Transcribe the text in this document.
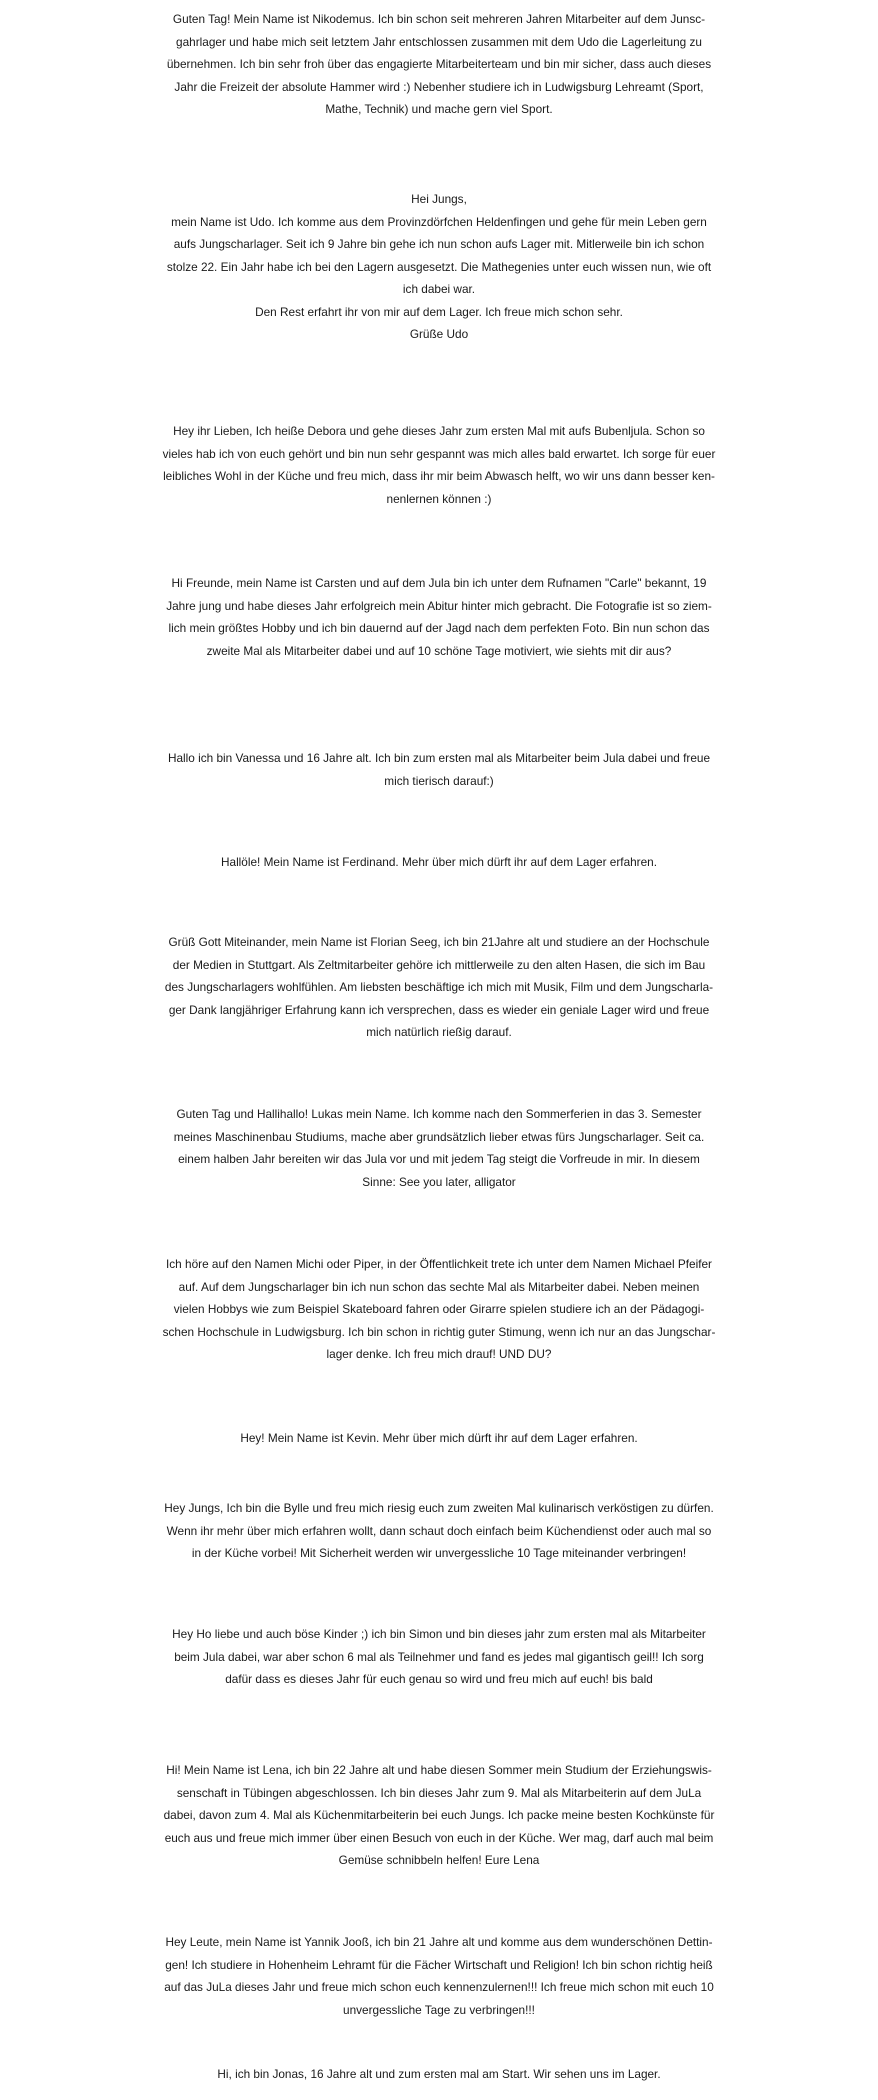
Guten Tag! Mein Name ist Nikodemus. Ich bin schon seit mehreren Jahren Mitarbeiter auf dem Junsc-
gahrlager und habe mich seit letztem Jahr entschlossen zusammen mit dem Udo die Lagerleitung zu
übernehmen. Ich bin sehr froh über das engagierte Mitarbeiterteam und bin mir sicher, dass auch dieses
Jahr die Freizeit der absolute Hammer wird :) Nebenher studiere ich in Ludwigsburg Lehreamt (Sport,
Mathe, Technik) und mache gern viel Sport.
Hei Jungs,
mein Name ist Udo. Ich komme aus dem Provinzdörfchen Heldenfingen und gehe für mein Leben gern
aufs Jungscharlager. Seit ich 9 Jahre bin gehe ich nun schon aufs Lager mit. Mitlerweile bin ich schon
stolze 22. Ein Jahr habe ich bei den Lagern ausgesetzt. Die Mathegenies unter euch wissen nun, wie oft
ich dabei war.
Den Rest erfahrt ihr von mir auf dem Lager. Ich freue mich schon sehr.
Grüße Udo
Hey ihr Lieben, Ich heiße Debora und gehe dieses Jahr zum ersten Mal mit aufs Bubenljula. Schon so
vieles hab ich von euch gehört und bin nun sehr gespannt was mich alles bald erwartet. Ich sorge für euer
leibliches Wohl in der Küche und freu mich, dass ihr mir beim Abwasch helft, wo wir uns dann besser ken-
nenlernen können :)
Hi Freunde, mein Name ist Carsten und auf dem Jula bin ich unter dem Rufnamen "Carle" bekannt, 19
Jahre jung und habe dieses Jahr erfolgreich mein Abitur hinter mich gebracht. Die Fotografie ist so ziem-
lich mein größtes Hobby und ich bin dauernd auf der Jagd nach dem perfekten Foto. Bin nun schon das
zweite Mal als Mitarbeiter dabei und auf 10 schöne Tage motiviert, wie siehts mit dir aus?
Hallo ich bin Vanessa und 16 Jahre alt. Ich bin zum ersten mal als Mitarbeiter beim Jula dabei und freue
mich tierisch darauf:)
Hallöle! Mein Name ist Ferdinand. Mehr über mich dürft ihr auf dem Lager erfahren.
Grüß Gott Miteinander, mein Name ist Florian Seeg, ich bin 21Jahre alt und studiere an der Hochschule
der Medien in Stuttgart. Als Zeltmitarbeiter gehöre ich mittlerweile zu den alten Hasen, die sich im Bau
des Jungscharlagers wohlfühlen. Am liebsten beschäftige ich mich mit Musik, Film und dem Jungscharla-
ger Dank langjähriger Erfahrung kann ich versprechen, dass es wieder ein geniale Lager wird und freue
mich natürlich rießig darauf.
Guten Tag und Hallihallo! Lukas mein Name. Ich komme nach den Sommerferien in das 3. Semester
meines Maschinenbau Studiums, mache aber grundsätzlich lieber etwas fürs Jungscharlager. Seit ca.
einem halben Jahr bereiten wir das Jula vor und mit jedem Tag steigt die Vorfreude in mir. In diesem
Sinne: See you later, alligator
Ich höre auf den Namen Michi oder Piper, in der Öffentlichkeit trete ich unter dem Namen Michael Pfeifer
auf. Auf dem Jungscharlager bin ich nun schon das sechte Mal als Mitarbeiter dabei. Neben meinen
vielen Hobbys wie zum Beispiel Skateboard fahren oder Girarre spielen studiere ich an der Pädagogi-
schen Hochschule in Ludwigsburg. Ich bin schon in richtig guter Stimung, wenn ich nur an das Jungschar-
lager denke. Ich freu mich drauf! UND DU?
Hey! Mein Name ist Kevin. Mehr über mich dürft ihr auf dem Lager erfahren.
Hey Jungs, Ich bin die Bylle und freu mich riesig euch zum zweiten Mal kulinarisch verköstigen zu dürfen.
Wenn ihr mehr über mich erfahren wollt, dann schaut doch einfach beim Küchendienst oder auch mal so
in der Küche vorbei! Mit Sicherheit werden wir unvergessliche 10 Tage miteinander verbringen!
Hey Ho liebe und auch böse Kinder ;) ich bin Simon und bin dieses jahr zum ersten mal als Mitarbeiter
beim Jula dabei, war aber schon 6 mal als Teilnehmer und fand es jedes mal gigantisch geil!! Ich sorg
dafür dass es dieses Jahr für euch genau so wird und freu mich auf euch! bis bald
Hi! Mein Name ist Lena, ich bin 22 Jahre alt und habe diesen Sommer mein Studium der Erziehungswis-
senschaft in Tübingen abgeschlossen. Ich bin dieses Jahr zum 9. Mal als Mitarbeiterin auf dem JuLa
dabei, davon zum 4. Mal als Küchenmitarbeiterin bei euch Jungs. Ich packe meine besten Kochkünste für
euch aus und freue mich immer über einen Besuch von euch in der Küche. Wer mag, darf auch mal beim
Gemüse schnibbeln helfen! Eure Lena
Hey Leute, mein Name ist Yannik Jooß, ich bin 21 Jahre alt und komme aus dem wunderschönen Dettin-
gen! Ich studiere in Hohenheim Lehramt für die Fächer Wirtschaft und Religion! Ich bin schon richtig heiß
auf das JuLa dieses Jahr und freue mich schon euch kennenzulernen!!! Ich freue mich schon mit euch 10
unvergessliche Tage zu verbringen!!!
Hi, ich bin Jonas, 16 Jahre alt und zum ersten mal am Start. Wir sehen uns im Lager.
